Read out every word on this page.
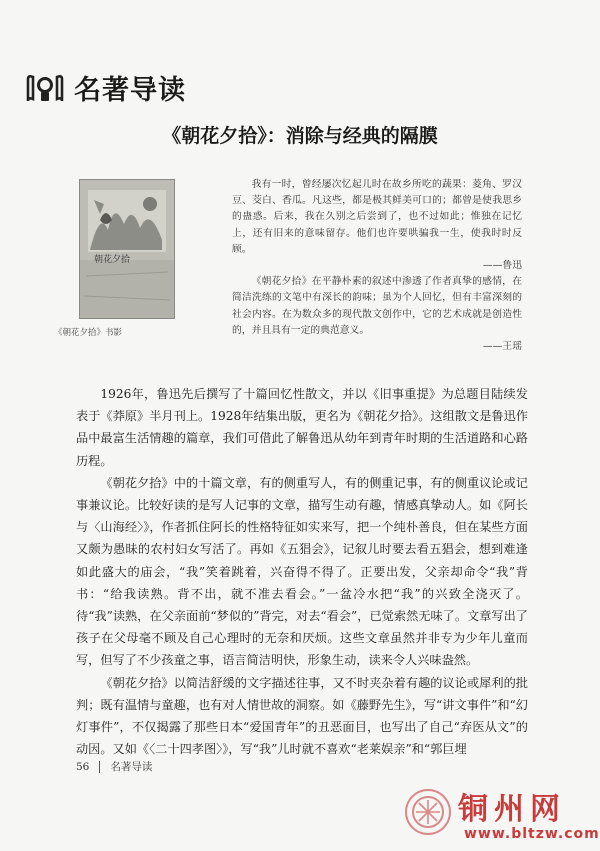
名著导读
《朝花夕拾》：消除与经典的隔膜
朝花夕拾
《朝花夕拾》书影

我有一时，曾经屡次忆起儿时在故乡所吃的蔬果：菱角、罗汉豆、茭白、香瓜。凡这些，都是极其鲜美可口的；都曾是使我思乡的蛊惑。后来，我在久别之后尝到了，也不过如此；惟独在记忆上，还有旧来的意味留存。他们也许要哄骗我一生，使我时时反顾。

——鲁迅

《朝花夕拾》在平静朴素的叙述中渗透了作者真挚的感情，在简洁洗练的文笔中有深长的韵味；虽为个人回忆，但有丰富深刻的社会内容。在为数众多的现代散文创作中，它的艺术成就是创造性的，并且具有一定的典范意义。

——王瑶

1926年，鲁迅先后撰写了十篇回忆性散文，并以《旧事重提》为总题目陆续发表于《莽原》半月刊上。1928年结集出版，更名为《朝花夕拾》。这组散文是鲁迅作品中最富生活情趣的篇章，我们可借此了解鲁迅从幼年到青年时期的生活道路和心路历程。

《朝花夕拾》中的十篇文章，有的侧重写人，有的侧重记事，有的侧重议论或记事兼议论。比较好读的是写人记事的文章，描写生动有趣，情感真挚动人。如《阿长与〈山海经〉》，作者抓住阿长的性格特征如实来写，把一个纯朴善良，但在某些方面又颇为愚昧的农村妇女写活了。再如《五猖会》，记叙儿时要去看五猖会，想到难逢如此盛大的庙会，“我”笑着跳着，兴奋得不得了。正要出发，父亲却命令“我”背书：“给我读熟。背不出，就不准去看会。”一盆冷水把“我”的兴致全浇灭了。待“我”读熟，在父亲面前“梦似的”背完，对去“看会”，已觉索然无味了。文章写出了孩子在父母毫不顾及自己心理时的无奈和厌烦。这些文章虽然并非专为少年儿童而写，但写了不少孩童之事，语言简洁明快，形象生动，读来令人兴味盎然。

《朝花夕拾》以简洁舒缓的文字描述往事，又不时夹杂着有趣的议论或犀利的批判；既有温情与童趣，也有对人情世故的洞察。如《藤野先生》，写“讲文事件”和“幻灯事件”，不仅揭露了那些日本“爱国青年”的丑恶面目，也写出了自己“弃医从文”的动因。又如《〈二十四孝图〉》，写“我”儿时就不喜欢“老莱娱亲”和“郭巨埋

56 名著导读
铜州网
www.bltzw.com
